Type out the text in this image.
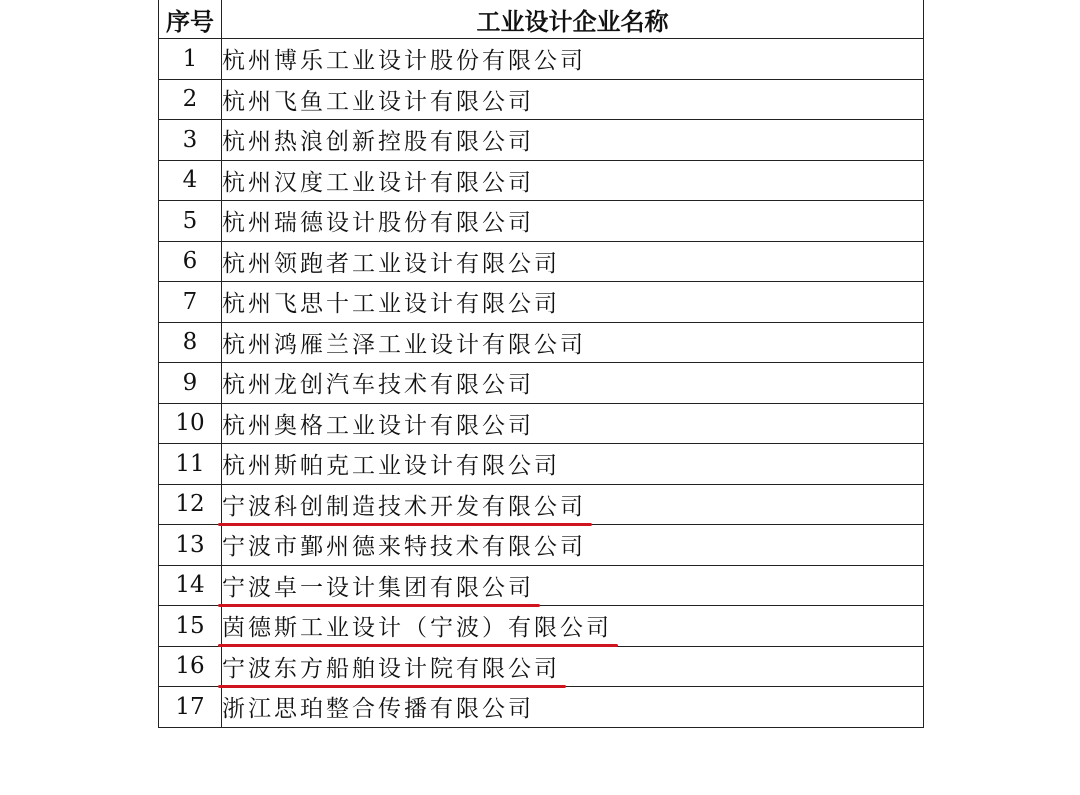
序号	工业设计企业名称
1	杭州博乐工业设计股份有限公司
2	杭州飞鱼工业设计有限公司
3	杭州热浪创新控股有限公司
4	杭州汉度工业设计有限公司
5	杭州瑞德设计股份有限公司
6	杭州领跑者工业设计有限公司
7	杭州飞思十工业设计有限公司
8	杭州鸿雁兰泽工业设计有限公司
9	杭州龙创汽车技术有限公司
10	杭州奥格工业设计有限公司
11	杭州斯帕克工业设计有限公司
12	宁波科创制造技术开发有限公司

13	宁波市鄞州德来特技术有限公司
14	宁波卓一设计集团有限公司

15	茵德斯工业设计（宁波）有限公司

16	宁波东方船舶设计院有限公司

17	浙江思珀整合传播有限公司
